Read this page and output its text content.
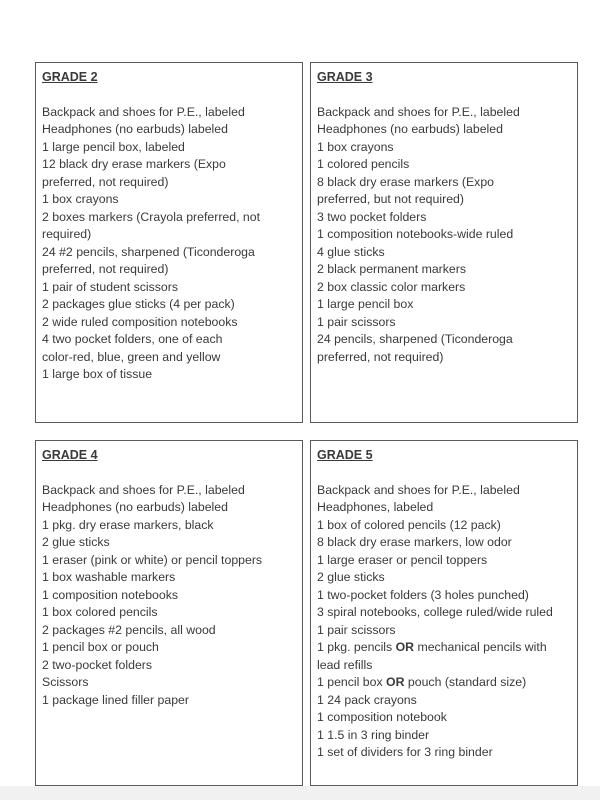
GRADE 2
Backpack and shoes for P.E., labeled
Headphones (no earbuds) labeled
1 large pencil box, labeled
12 black dry erase markers (Expo
preferred, not required)
1 box crayons
2 boxes markers (Crayola preferred, not
required)
24 #2 pencils, sharpened (Ticonderoga
preferred, not required)
1 pair of student scissors
2 packages glue sticks (4 per pack)
2 wide ruled composition notebooks
4 two pocket folders, one of each
color-red, blue, green and yellow
1 large box of tissue
GRADE 3
Backpack and shoes for P.E., labeled
Headphones (no earbuds) labeled
1 box crayons
1 colored pencils
8 black dry erase markers (Expo
preferred, but not required)
3 two pocket folders
1 composition notebooks-wide ruled
4 glue sticks
2 black permanent markers
2 box classic color markers
1 large pencil box
1 pair scissors
24 pencils, sharpened (Ticonderoga
preferred, not required)
GRADE 4
Backpack and shoes for P.E., labeled
Headphones (no earbuds) labeled
1 pkg. dry erase markers, black
2 glue sticks
1 eraser (pink or white) or pencil toppers
1 box washable markers
1 composition notebooks
1 box colored pencils
2 packages #2 pencils, all wood
1 pencil box or pouch
2 two-pocket folders
Scissors
1 package lined filler paper
GRADE 5
Backpack and shoes for P.E., labeled
Headphones, labeled
1 box of colored pencils (12 pack)
8 black dry erase markers, low odor
1 large eraser or pencil toppers
2 glue sticks
1 two-pocket folders (3 holes punched)
3 spiral notebooks, college ruled/wide ruled
1 pair scissors
1 pkg. pencils OR mechanical pencils with
lead refills
1 pencil box OR pouch (standard size)
1 24 pack crayons
1 composition notebook
1 1.5 in 3 ring binder
1 set of dividers for 3 ring binder
